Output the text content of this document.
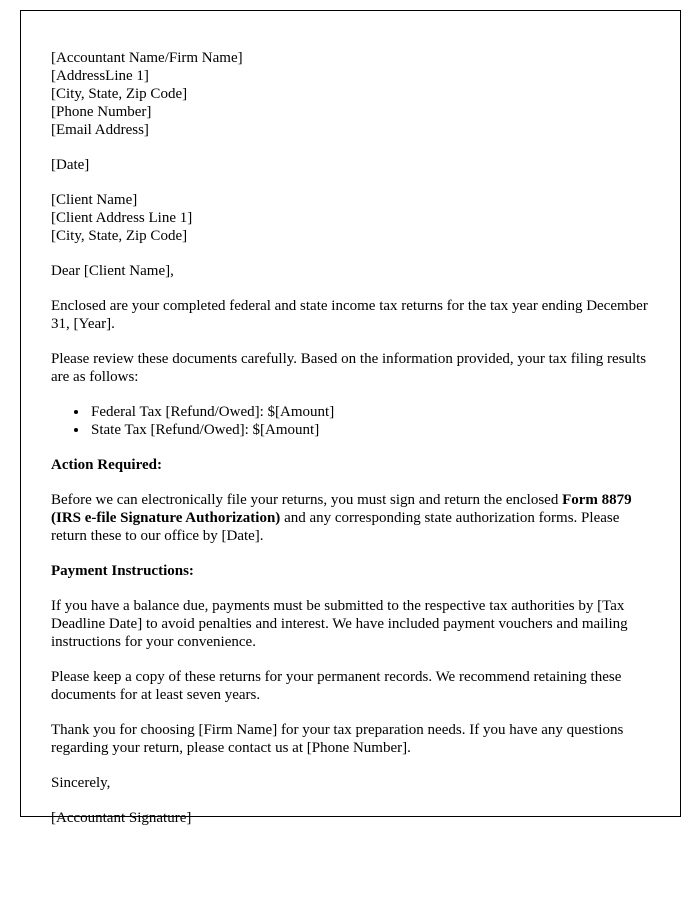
[Accountant Name/Firm Name]
[AddressLine 1]
[City, State, Zip Code]
[Phone Number]
[Email Address]

[Date]

[Client Name]
[Client Address Line 1]
[City, State, Zip Code]

Dear [Client Name],

Enclosed are your completed federal and state income tax returns for the tax year ending December 31, [Year].

Please review these documents carefully. Based on the information provided, your tax filing results are as follows:

• Federal Tax [Refund/Owed]: $[Amount]
• State Tax [Refund/Owed]: $[Amount]

Action Required:

Before we can electronically file your returns, you must sign and return the enclosed Form 8879 (IRS e-file Signature Authorization) and any corresponding state authorization forms. Please return these to our office by [Date].

Payment Instructions:

If you have a balance due, payments must be submitted to the respective tax authorities by [Tax Deadline Date] to avoid penalties and interest. We have included payment vouchers and mailing instructions for your convenience.

Please keep a copy of these returns for your permanent records. We recommend retaining these documents for at least seven years.

Thank you for choosing [Firm Name] for your tax preparation needs. If you have any questions regarding your return, please contact us at [Phone Number].

Sincerely,

[Accountant Signature]
